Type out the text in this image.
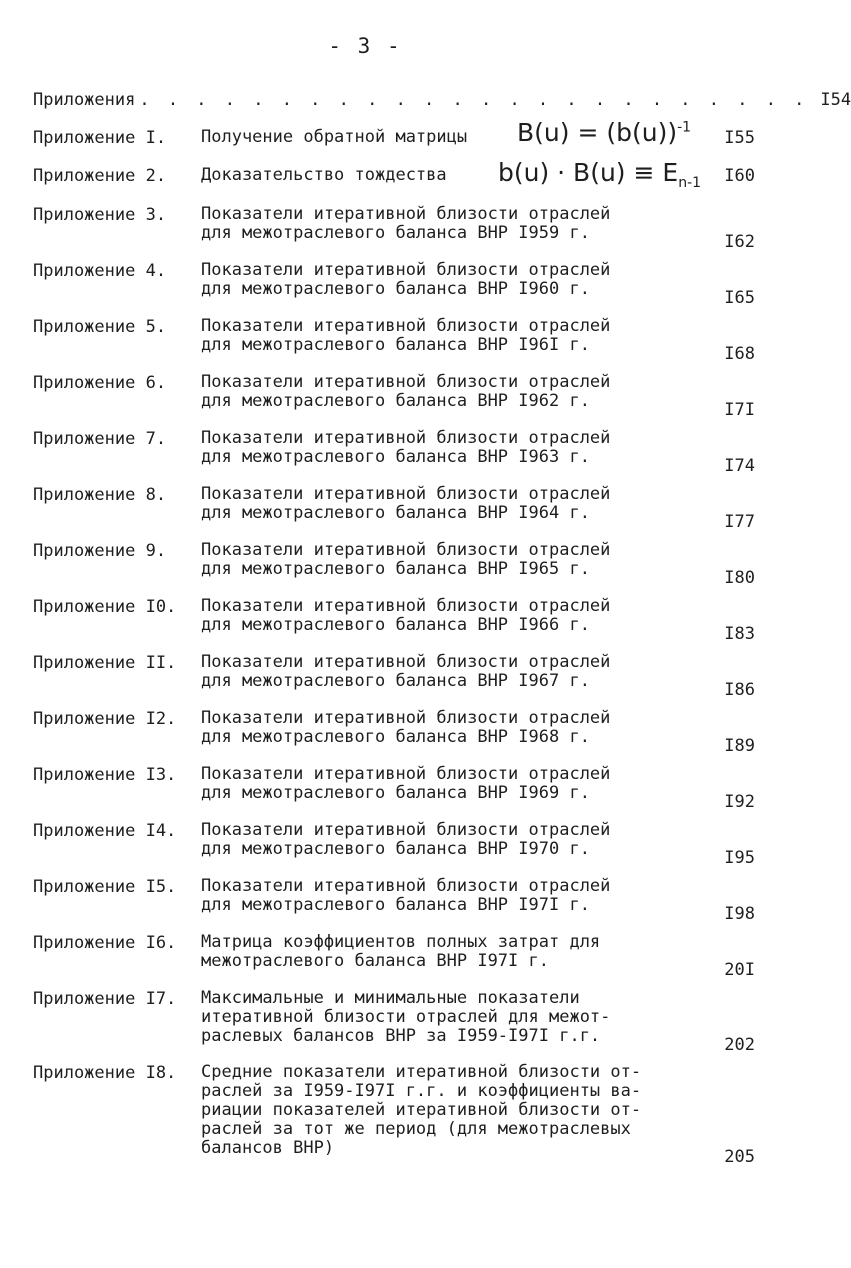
- 3 -
Приложения . . . . . . . . . . . . . . . . . . . . . . . . I54
Приложение I. Получение обратной матрицы	I55
Приложение 2. Доказательство тождества	I60
Приложение 3. Показатели итеративной близости отраслей
для межотраслевого баланса ВНР I959 г.	I62
Приложение 4. Показатели итеративной близости отраслей
для межотраслевого баланса ВНР I960 г.	I65
Приложение 5. Показатели итеративной близости отраслей
для межотраслевого баланса ВНР I96I г.	I68
Приложение 6. Показатели итеративной близости отраслей
для межотраслевого баланса ВНР I962 г.	I7I
Приложение 7. Показатели итеративной близости отраслей
для межотраслевого баланса ВНР I963 г.	I74
Приложение 8. Показатели итеративной близости отраслей
для межотраслевого баланса ВНР I964 г.	I77
Приложение 9. Показатели итеративной близости отраслей
для межотраслевого баланса ВНР I965 г.	I80
Приложение I0. Показатели итеративной близости отраслей
для межотраслевого баланса ВНР I966 г.	I83
Приложение II. Показатели итеративной близости отраслей
для межотраслевого баланса ВНР I967 г.	I86
Приложение I2. Показатели итеративной близости отраслей
для межотраслевого баланса ВНР I968 г.	I89
Приложение I3. Показатели итеративной близости отраслей
для межотраслевого баланса ВНР I969 г.	I92
Приложение I4. Показатели итеративной близости отраслей
для межотраслевого баланса ВНР I970 г.	I95
Приложение I5. Показатели итеративной близости отраслей
для межотраслевого баланса ВНР I97I г.	I98
Приложение I6. Матрица коэффициентов полных затрат для
межотраслевого баланса ВНР I97I г.	20I
Приложение I7. Максимальные и минимальные показатели
итеративной близости отраслей для межот-
раслевых балансов ВНР за I959-I97I г.г.	202
Приложение I8. Средние показатели итеративной близости от-
раслей за I959-I97I г.г. и коэффициенты ва-
риации показателей итеративной близости от-
раслей за тот же период (для межотраслевых
балансов ВНР)	205
$B(u) = (b(u))^{-1}$
$b(u) \cdot B(u) \equiv E_{n-1}$
